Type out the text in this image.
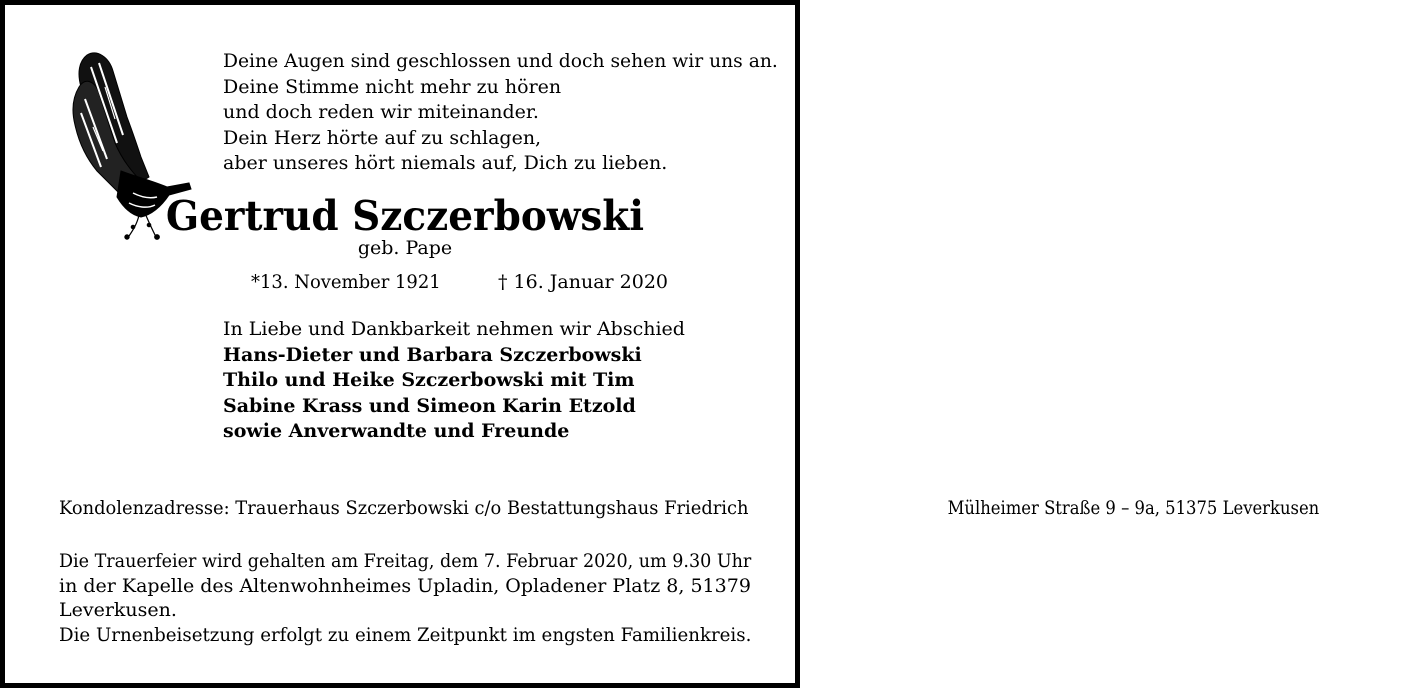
Deine Augen sind geschlossen und doch sehen wir uns an. Deine Stimme nicht mehr zu hören und doch reden wir miteinander. Dein Herz hörte auf zu schlagen, aber unseres hört niemals auf, Dich zu lieben.
Gertrud Szczerbowski
geb. Pape
*13. November 1921	† 16. Januar 2020
In Liebe und Dankbarkeit nehmen wir Abschied Hans-Dieter und Barbara Szczerbowski Thilo und Heike Szczerbowski mit Tim Sabine Krass und Simeon Karin Etzold sowie Anverwandte und Freunde
Kondolenzadresse: Trauerhaus Szczerbowski c/o Bestattungshaus Friedrich	Mülheimer Straße 9 – 9a, 51375 Leverkusen
Die Trauerfeier wird gehalten am Freitag, dem 7. Februar 2020, um 9.30 Uhr in der Kapelle des Altenwohnheimes Upladin, Opladener Platz 8, 51379 Leverkusen. Die Urnenbeisetzung erfolgt zu einem Zeitpunkt im engsten Familienkreis.
